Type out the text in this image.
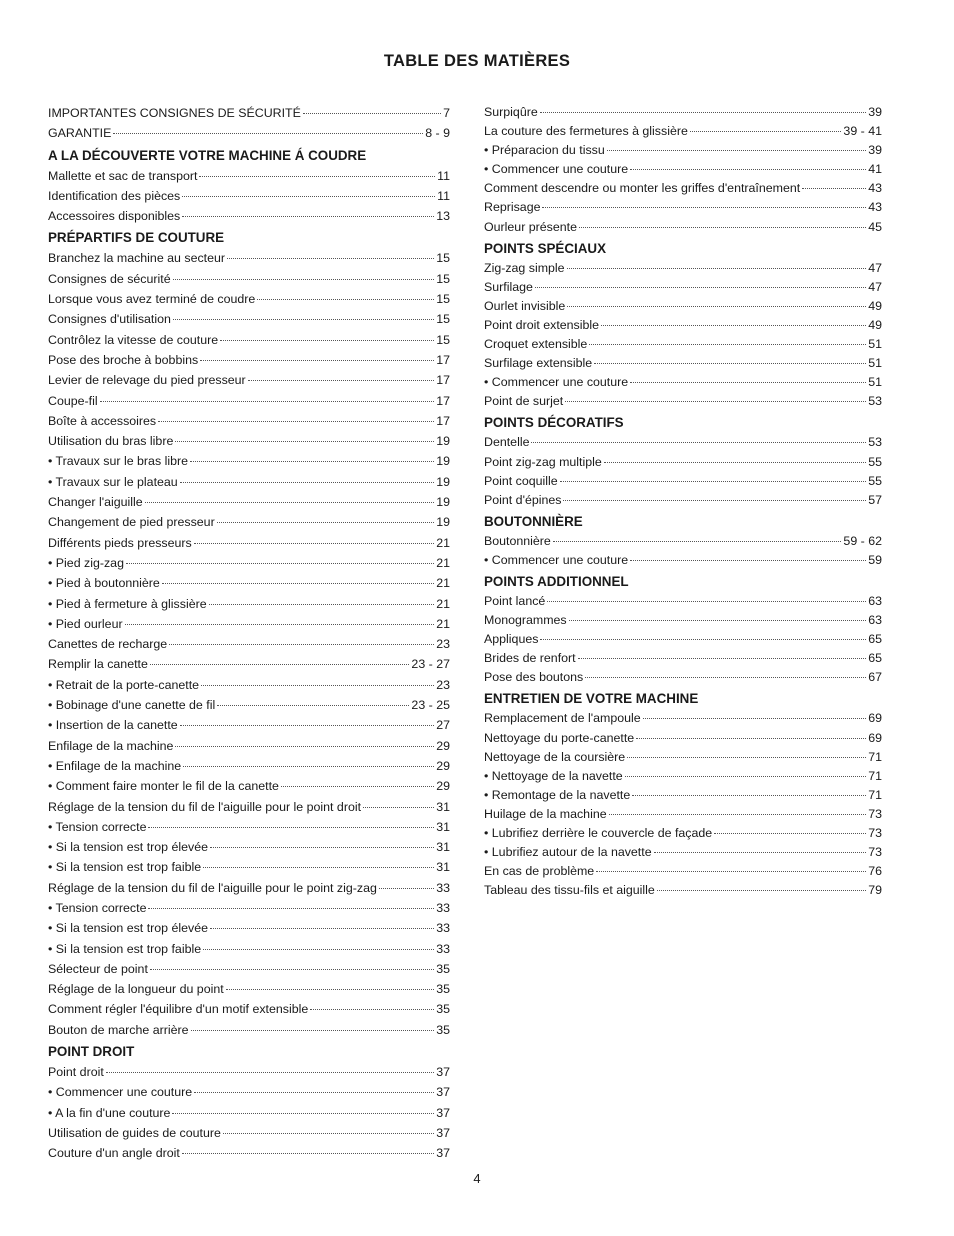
TABLE DES MATIÈRES
IMPORTANTES CONSIGNES DE SÉCURITÉ	7
GARANTIE	8 - 9
A LA DÉCOUVERTE VOTRE MACHINE Á COUDRE
Mallette et sac de transport	11
Identification des pièces	11
Accessoires disponibles	13
PRÉPARTIFS DE COUTURE
Branchez la machine au secteur	15
Consignes de sécurité	15
Lorsque vous avez terminé de coudre	15
Consignes d'utilisation	15
Contrôlez la vitesse de couture	15
Pose des broche à bobbins	17
Levier de relevage du pied presseur	17
Coupe-fil	17
Boîte à accessoires	17
Utilisation du bras libre	19
• Travaux sur le bras libre	19
• Travaux sur le plateau	19
Changer l'aiguille	19
Changement de pied presseur	19
Différents pieds presseurs	21
• Pied zig-zag	21
• Pied à boutonnière	21
• Pied à fermeture à glissière	21
• Pied ourleur	21
Canettes de recharge	23
Remplir la canette	23 - 27
• Retrait de la porte-canette	23
• Bobinage d'une canette de fil	23 - 25
• Insertion de la canette	27
Enfilage de la machine	29
• Enfilage de la machine	29
• Comment faire monter le fil de la canette	29
Réglage de la tension du fil de l'aiguille pour le point droit	31
• Tension correcte	31
• Si la tension est trop élevée	31
• Si la tension est trop faible	31
Réglage de la tension du fil de l'aiguille pour le point zig-zag	33
• Tension correcte	33
• Si la tension est trop élevée	33
• Si la tension est trop faible	33
Sélecteur de point	35
Réglage de la longueur du point	35
Comment régler l'équilibre d'un motif extensible	35
Bouton de marche arrière	35
POINT DROIT
Point droit	37
• Commencer une couture	37
• A la fin d'une couture	37
Utilisation de guides de couture	37
Couture d'un angle droit	37
Surpiqûre	39
La couture des fermetures à glissière	39 - 41
• Préparacion du tissu	39
• Commencer une couture	41
Comment descendre ou monter les griffes d'entraînement	43
Reprisage	43
Ourleur présente	45
POINTS SPÉCIAUX
Zig-zag simple	47
Surfilage	47
Ourlet invisible	49
Point droit extensible	49
Croquet extensible	51
Surfilage extensible	51
• Commencer une couture	51
Point de surjet	53
POINTS DÉCORATIFS
Dentelle	53
Point zig-zag multiple	55
Point coquille	55
Point d'épines	57
BOUTONNIÈRE
Boutonnière	59 - 62
• Commencer une couture	59
POINTS ADDITIONNEL
Point lancé	63
Monogrammes	63
Appliques	65
Brides de renfort	65
Pose des boutons	67
ENTRETIEN DE VOTRE MACHINE
Remplacement de l'ampoule	69
Nettoyage du porte-canette	69
Nettoyage de la coursière	71
• Nettoyage de la navette	71
• Remontage de la navette	71
Huilage de la machine	73
• Lubrifiez derrière le couvercle de façade	73
• Lubrifiez autour de la navette	73
En cas de problème	76
Tableau des tissu-fils et aiguille	79
4
